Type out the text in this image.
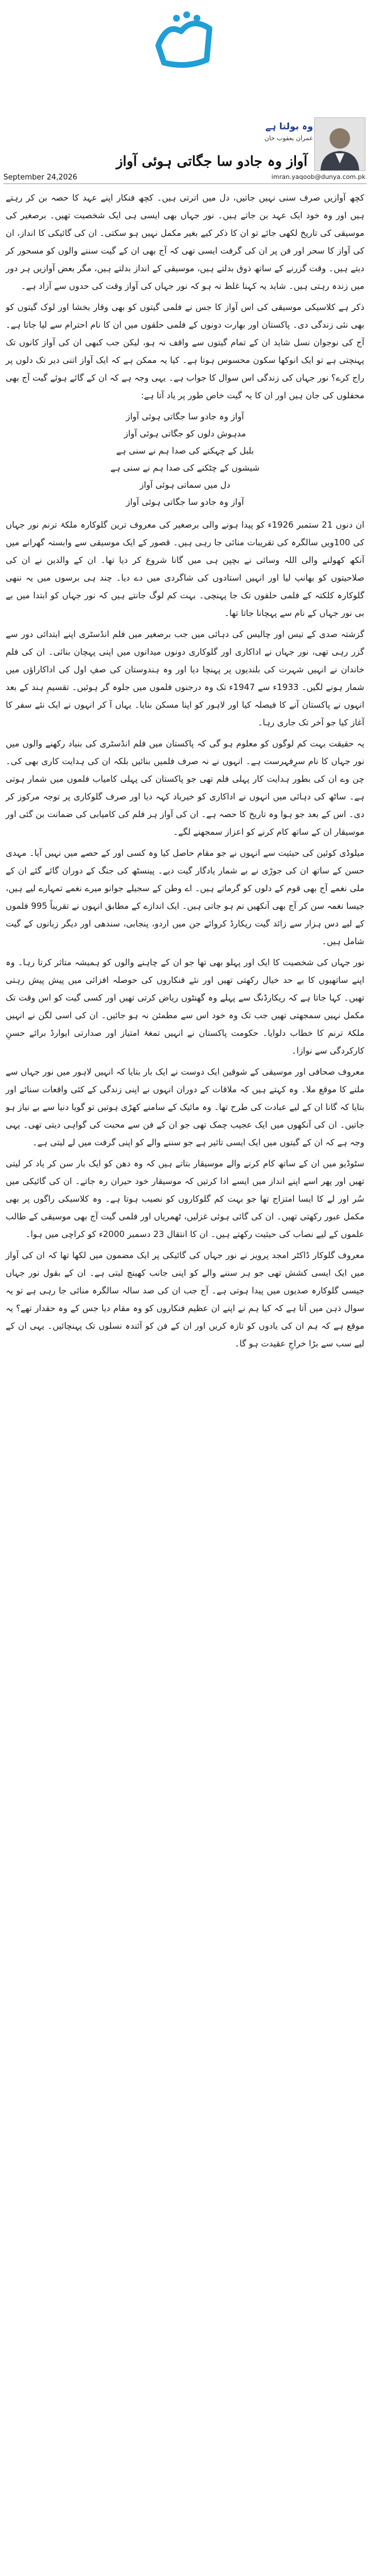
وہ بولتا ہے
عمران یعقوب خان
آواز وہ جادو سا جگاتی ہوئی آواز
September 24,2026	imran.yaqoob@dunya.com.pk

کچھ آوازیں صرف سنی نہیں جاتیں، دل میں اترتی ہیں۔ کچھ فنکار اپنے عہد کا حصہ بن کر رہتے ہیں اور وہ خود ایک عہد بن جاتے ہیں۔ نور جہاں بھی ایسی ہی ایک شخصیت تھیں۔ برصغیر کی موسیقی کی تاریخ لکھی جائے تو ان کا ذکر کیے بغیر مکمل نہیں ہو سکتی۔ ان کی گائیکی کا انداز، ان کی آواز کا سحر اور فن پر ان کی گرفت ایسی تھی کہ آج بھی ان کے گیت سننے والوں کو مسحور کر دیتے ہیں۔ وقت گزرنے کے ساتھ ذوق بدلتے ہیں، موسیقی کے انداز بدلتے ہیں، مگر بعض آوازیں ہر دور میں زندہ رہتی ہیں۔ شاید یہ کہنا غلط نہ ہو کہ نور جہاں کی آواز وقت کی حدوں سے آزاد ہے۔

ذکر ہے کلاسیکی موسیقی کی اس آواز کا جس نے فلمی گیتوں کو بھی وقار بخشا اور لوک گیتوں کو بھی نئی زندگی دی۔ پاکستان اور بھارت دونوں کے فلمی حلقوں میں ان کا نام احترام سے لیا جاتا ہے۔ آج کی نوجوان نسل شاید ان کے تمام گیتوں سے واقف نہ ہو، لیکن جب کبھی ان کی آواز کانوں تک پہنچتی ہے تو ایک انوکھا سکون محسوس ہوتا ہے۔ کیا یہ ممکن ہے کہ ایک آواز اتنی دیر تک دلوں پر راج کرے؟ نور جہاں کی زندگی اس سوال کا جواب ہے۔ یہی وجہ ہے کہ ان کے گائے ہوئے گیت آج بھی محفلوں کی جان ہیں اور ان کا یہ گیت خاص طور پر یاد آتا ہے:

آواز وہ جادو سا جگاتی ہوئی آواز
مدہوش دلوں کو جگاتی ہوئی آواز
بلبل کے چہکنے کی صدا ہم نے سنی ہے
شیشوں کے چٹکنے کی صدا ہم نے سنی ہے
دل میں سماتی ہوئی آواز
آواز وہ جادو سا جگاتی ہوئی آواز

ان دنوں 21 ستمبر 1926ء کو پیدا ہونے والی برصغیر کی معروف ترین گلوکارہ ملکۂ ترنم نور جہاں کی 100ویں سالگرہ کی تقریبات منائی جا رہی ہیں۔ قصور کے ایک موسیقی سے وابستہ گھرانے میں آنکھ کھولنے والی اللہ وسائی نے بچپن ہی میں گانا شروع کر دیا تھا۔ ان کے والدین نے ان کی صلاحیتوں کو بھانپ لیا اور انہیں استادوں کی شاگردی میں دے دیا۔ چند ہی برسوں میں یہ ننھی گلوکارہ کلکتہ کے فلمی حلقوں تک جا پہنچی۔ بہت کم لوگ جانتے ہیں کہ نور جہاں کو ابتدا میں بے بی نور جہاں کے نام سے پہچانا جاتا تھا۔

گزشتہ صدی کے تیس اور چالیس کی دہائی میں جب برصغیر میں فلم انڈسٹری اپنے ابتدائی دور سے گزر رہی تھی، نور جہاں نے اداکاری اور گلوکاری دونوں میدانوں میں اپنی پہچان بنائی۔ ان کی فلم خاندان نے انہیں شہرت کی بلندیوں پر پہنچا دیا اور وہ ہندوستان کی صفِ اول کی اداکاراؤں میں شمار ہونے لگیں۔ 1933ء سے 1947ء تک وہ درجنوں فلموں میں جلوہ گر ہوئیں۔ تقسیمِ ہند کے بعد انہوں نے پاکستان آنے کا فیصلہ کیا اور لاہور کو اپنا مسکن بنایا۔ یہاں آ کر انہوں نے ایک نئے سفر کا آغاز کیا جو آخر تک جاری رہا۔

یہ حقیقت بہت کم لوگوں کو معلوم ہو گی کہ پاکستان میں فلم انڈسٹری کی بنیاد رکھنے والوں میں نور جہاں کا نام سرِفہرست ہے۔ انہوں نے نہ صرف فلمیں بنائیں بلکہ ان کی ہدایت کاری بھی کی۔ چن وے ان کی بطور ہدایت کار پہلی فلم تھی جو پاکستان کی پہلی کامیاب فلموں میں شمار ہوتی ہے۔ ساٹھ کی دہائی میں انہوں نے اداکاری کو خیرباد کہہ دیا اور صرف گلوکاری پر توجہ مرکوز کر دی۔ اس کے بعد جو ہوا وہ تاریخ کا حصہ ہے۔ ان کی آواز ہر فلم کی کامیابی کی ضمانت بن گئی اور موسیقار ان کے ساتھ کام کرنے کو اعزاز سمجھنے لگے۔

میلوڈی کوئین کی حیثیت سے انہوں نے جو مقام حاصل کیا وہ کسی اور کے حصے میں نہیں آیا۔ مہدی حسن کے ساتھ ان کی جوڑی نے بے شمار یادگار گیت دیے۔ پینسٹھ کی جنگ کے دوران گائے گئے ان کے ملی نغمے آج بھی قوم کے دلوں کو گرماتے ہیں۔ اے وطن کے سجیلے جوانو میرے نغمے تمہارے لیے ہیں، جیسا نغمہ سن کر آج بھی آنکھیں نم ہو جاتی ہیں۔ ایک اندازے کے مطابق انہوں نے تقریباً 995 فلموں کے لیے دس ہزار سے زائد گیت ریکارڈ کروائے جن میں اردو، پنجابی، سندھی اور دیگر زبانوں کے گیت شامل ہیں۔

نور جہاں کی شخصیت کا ایک اور پہلو بھی تھا جو ان کے چاہنے والوں کو ہمیشہ متاثر کرتا رہا۔ وہ اپنے ساتھیوں کا بے حد خیال رکھتی تھیں اور نئے فنکاروں کی حوصلہ افزائی میں پیش پیش رہتی تھیں۔ کہا جاتا ہے کہ ریکارڈنگ سے پہلے وہ گھنٹوں ریاض کرتی تھیں اور کسی گیت کو اس وقت تک مکمل نہیں سمجھتی تھیں جب تک وہ خود اس سے مطمئن نہ ہو جائیں۔ ان کی اسی لگن نے انہیں ملکۂ ترنم کا خطاب دلوایا۔ حکومت پاکستان نے انہیں تمغۂ امتیاز اور صدارتی ایوارڈ برائے حسنِ کارکردگی سے نوازا۔

معروف صحافی اور موسیقی کے شوقین ایک دوست نے ایک بار بتایا کہ انہیں لاہور میں نور جہاں سے ملنے کا موقع ملا۔ وہ کہتے ہیں کہ ملاقات کے دوران انہوں نے اپنی زندگی کے کئی واقعات سنائے اور بتایا کہ گانا ان کے لیے عبادت کی طرح تھا۔ وہ مائیک کے سامنے کھڑی ہوتیں تو گویا دنیا سے بے نیاز ہو جاتیں۔ ان کی آنکھوں میں ایک عجیب چمک تھی جو ان کے فن سے محبت کی گواہی دیتی تھی۔ یہی وجہ ہے کہ ان کے گیتوں میں ایک ایسی تاثیر ہے جو سننے والے کو اپنی گرفت میں لے لیتی ہے۔

سٹوڈیو میں ان کے ساتھ کام کرنے والے موسیقار بتاتے ہیں کہ وہ دھن کو ایک بار سن کر یاد کر لیتی تھیں اور پھر اسے اپنے انداز میں ایسے ادا کرتیں کہ موسیقار خود حیران رہ جاتے۔ ان کی گائیکی میں سُر اور لے کا ایسا امتزاج تھا جو بہت کم گلوکاروں کو نصیب ہوتا ہے۔ وہ کلاسیکی راگوں پر بھی مکمل عبور رکھتی تھیں۔ ان کی گائی ہوئی غزلیں، ٹھمریاں اور فلمی گیت آج بھی موسیقی کے طالب علموں کے لیے نصاب کی حیثیت رکھتے ہیں۔ ان کا انتقال 23 دسمبر 2000ء کو کراچی میں ہوا۔

معروف گلوکار ڈاکٹر امجد پرویز نے نور جہاں کی گائیکی پر ایک مضمون میں لکھا تھا کہ ان کی آواز میں ایک ایسی کشش تھی جو ہر سننے والے کو اپنی جانب کھینچ لیتی ہے۔ ان کے بقول نور جہاں جیسی گلوکارہ صدیوں میں پیدا ہوتی ہے۔ آج جب ان کی صد سالہ سالگرہ منائی جا رہی ہے تو یہ سوال ذہن میں آتا ہے کہ کیا ہم نے اپنے ان عظیم فنکاروں کو وہ مقام دیا جس کے وہ حقدار تھے؟ یہ موقع ہے کہ ہم ان کی یادوں کو تازہ کریں اور ان کے فن کو آئندہ نسلوں تک پہنچائیں۔ یہی ان کے لیے سب سے بڑا خراجِ عقیدت ہو گا۔
